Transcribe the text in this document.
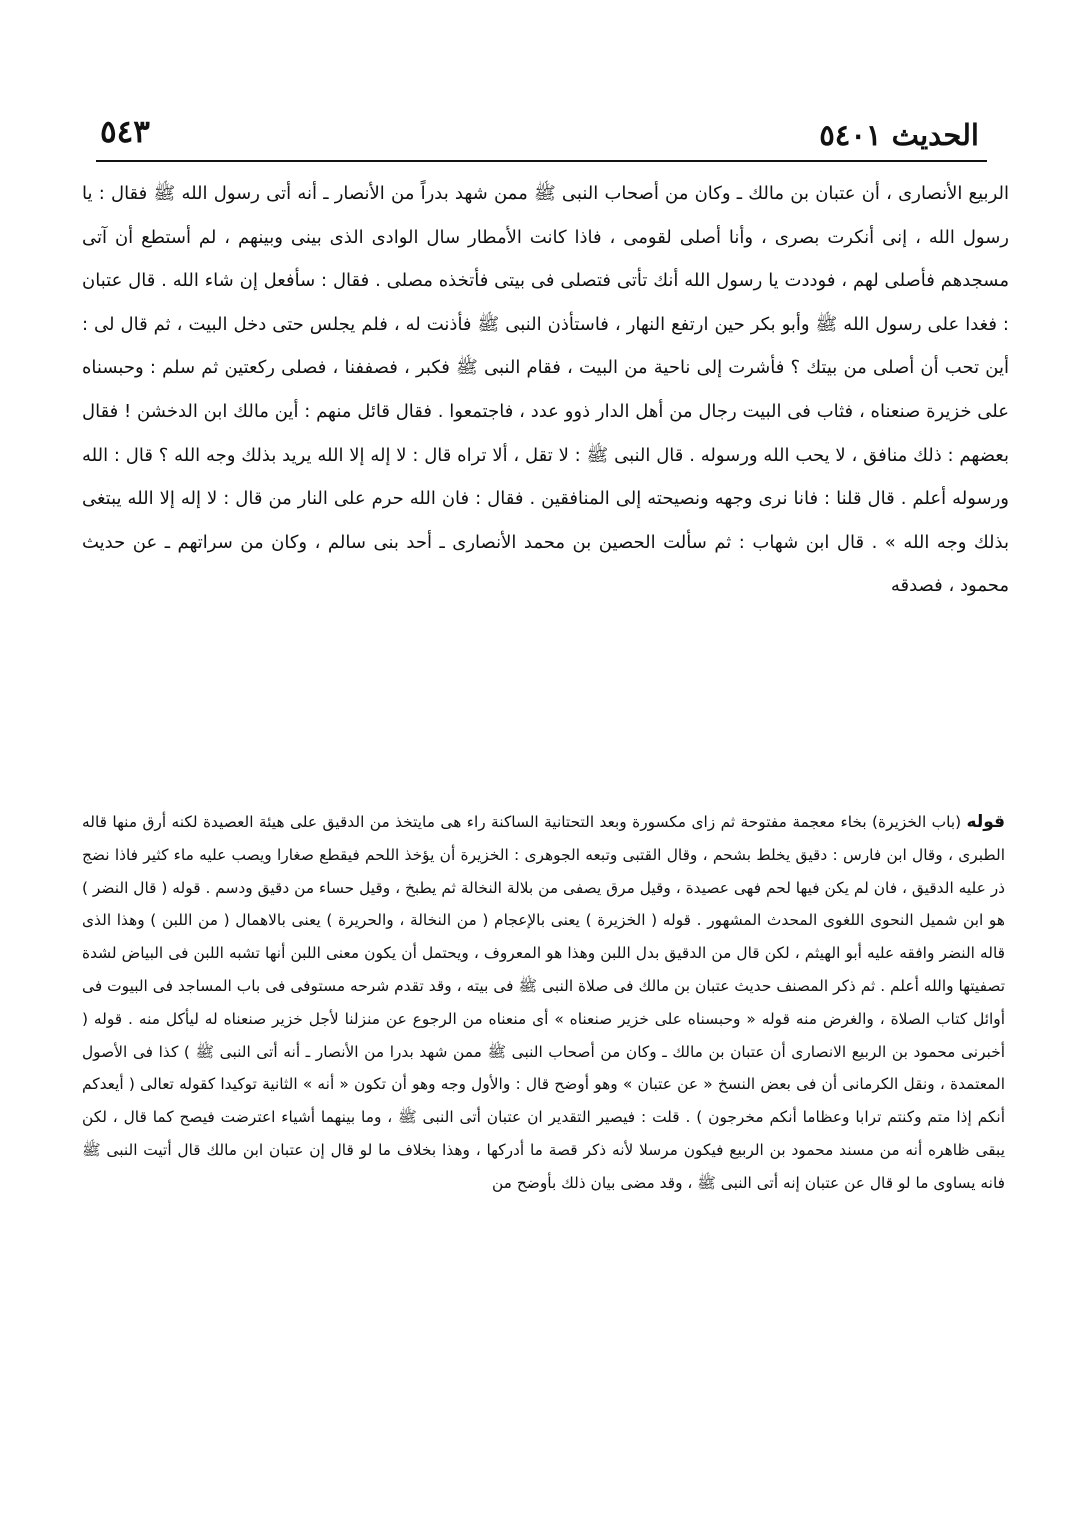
الحديث ٥٤٠١
٥٤٣

الربيع الأنصارى ، أن عتبان بن مالك ـ وكان من أصحاب النبى ﷺ ممن شهد بدراً من الأنصار ـ أنه أتى رسول الله ﷺ فقال : يا رسول الله ، إنى أنكرت بصرى ، وأنا أصلى لقومى ، فاذا كانت الأمطار سال الوادى الذى بينى وبينهم ، لم أستطع أن آتى مسجدهم فأصلى لهم ، فوددت يا رسول الله أنك تأتى فتصلى فى بيتى فأتخذه مصلى . فقال : سأفعل إن شاء الله . قال عتبان : فغدا على رسول الله ﷺ وأبو بكر حين ارتفع النهار ، فاستأذن النبى ﷺ فأذنت له ، فلم يجلس حتى دخل البيت ، ثم قال لى : أين تحب أن أصلى من بيتك ؟ فأشرت إلى ناحية من البيت ، فقام النبى ﷺ فكبر ، فصففنا ، فصلى ركعتين ثم سلم : وحبسناه على خزيرة صنعناه ، فثاب فى البيت رجال من أهل الدار ذوو عدد ، فاجتمعوا . فقال قائل منهم : أين مالك ابن الدخشن ! فقال بعضهم : ذلك منافق ، لا يحب الله ورسوله . قال النبى ﷺ : لا تقل ، ألا تراه قال : لا إله إلا الله يريد بذلك وجه الله ؟ قال : الله ورسوله أعلم . قال قلنا : فانا نرى وجهه ونصيحته إلى المنافقين . فقال : فان الله حرم على النار من قال : لا إله إلا الله يبتغى بذلك وجه الله » . قال ابن شهاب : ثم سألت الحصين بن محمد الأنصارى ـ أحد بنى سالم ، وكان من سراتهم ـ عن حديث محمود ، فصدقه

قوله (باب الخزيرة) بخاء معجمة مفتوحة ثم زاى مكسورة وبعد التحتانية الساكنة راء هى مايتخذ من الدقيق على هيئة العصيدة لكنه أرق منها قاله الطبرى ، وقال ابن فارس : دقيق يخلط بشحم ، وقال القتبى وتبعه الجوهرى : الخزيرة أن يؤخذ اللحم فيقطع صغارا ويصب عليه ماء كثير فاذا نضج ذر عليه الدقيق ، فان لم يكن فيها لحم فهى عصيدة ، وقيل مرق يصفى من بلالة النخالة ثم يطبخ ، وقيل حساء من دقيق ودسم . قوله ( قال النضر ) هو ابن شميل النحوى اللغوى المحدث المشهور . قوله ( الخزيرة ) يعنى بالإعجام ( من النخالة ، والحريرة ) يعنى بالاهمال ( من اللبن ) وهذا الذى قاله النضر وافقه عليه أبو الهيثم ، لكن قال من الدقيق بدل اللبن وهذا هو المعروف ، ويحتمل أن يكون معنى اللبن أنها تشبه اللبن فى البياض لشدة تصفيتها والله أعلم . ثم ذكر المصنف حديث عتبان بن مالك فى صلاة النبى ﷺ فى بيته ، وقد تقدم شرحه مستوفى فى باب المساجد فى البيوت فى أوائل كتاب الصلاة ، والغرض منه قوله « وحبسناه على خزير صنعناه » أى منعناه من الرجوع عن منزلنا لأجل خزير صنعناه له ليأكل منه . قوله ( أخبرنى محمود بن الربيع الانصارى أن عتبان بن مالك ـ وكان من أصحاب النبى ﷺ ممن شهد بدرا من الأنصار ـ أنه أتى النبى ﷺ ) كذا فى الأصول المعتمدة ، ونقل الكرمانى أن فى بعض النسخ « عن عتبان » وهو أوضح قال : والأول وجه وهو أن تكون « أنه » الثانية توكيدا كقوله تعالى ( أيعدكم أنكم إذا متم وكنتم ترابا وعظاما أنكم مخرجون ) . قلت : فيصير التقدير ان عتبان أتى النبى ﷺ ، وما بينهما أشياء اعترضت فيصح كما قال ، لكن يبقى ظاهره أنه من مسند محمود بن الربيع فيكون مرسلا لأنه ذكر قصة ما أدركها ، وهذا بخلاف ما لو قال إن عتبان ابن مالك قال أتيت النبى ﷺ فانه يساوى ما لو قال عن عتبان إنه أتى النبى ﷺ ، وقد مضى بيان ذلك بأوضح من
